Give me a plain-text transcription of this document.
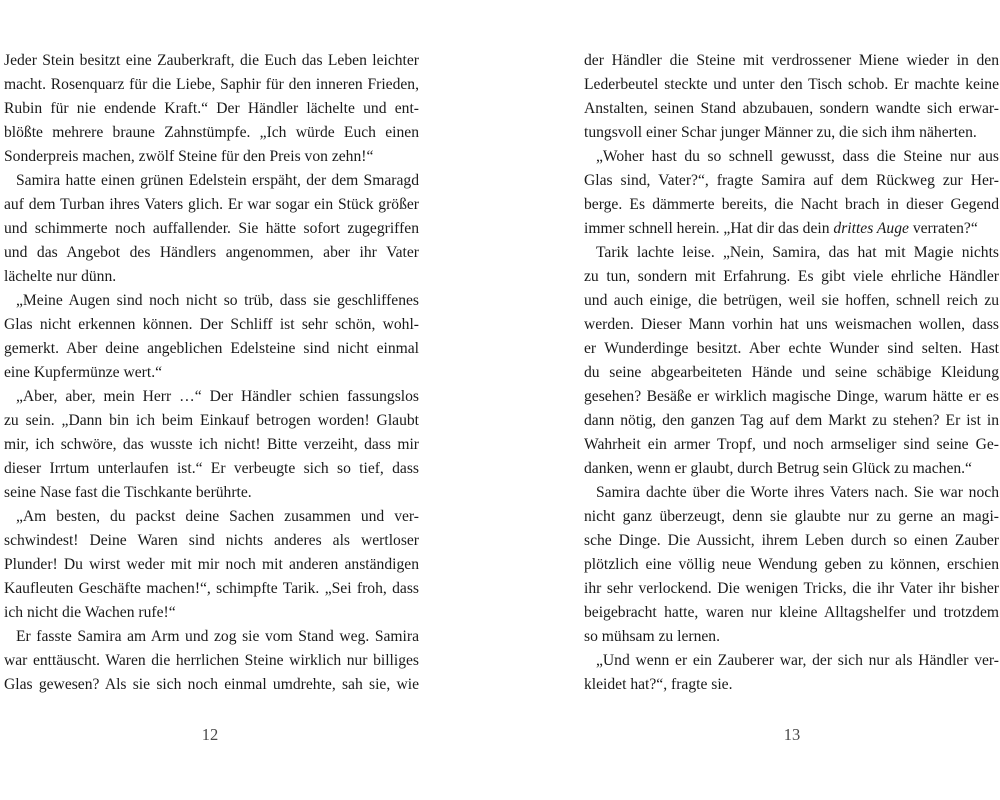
Jeder Stein besitzt eine Zauberkraft, die Euch das Leben leichter
macht. Rosenquarz für die Liebe, Saphir für den inneren Frieden,
Rubin für nie endende Kraft.“ Der Händler lächelte und ent-
blößte mehrere braune Zahnstümpfe. „Ich würde Euch einen
Sonderpreis machen, zwölf Steine für den Preis von zehn!“
Samira hatte einen grünen Edelstein erspäht, der dem Smaragd
auf dem Turban ihres Vaters glich. Er war sogar ein Stück größer
und schimmerte noch auffallender. Sie hätte sofort zugegriffen
und das Angebot des Händlers angenommen, aber ihr Vater
lächelte nur dünn.
„Meine Augen sind noch nicht so trüb, dass sie geschliffenes
Glas nicht erkennen können. Der Schliff ist sehr schön, wohl-
gemerkt. Aber deine angeblichen Edelsteine sind nicht einmal
eine Kupfermünze wert.“
„Aber, aber, mein Herr …“ Der Händler schien fassungslos
zu sein. „Dann bin ich beim Einkauf betrogen worden! Glaubt
mir, ich schwöre, das wusste ich nicht! Bitte verzeiht, dass mir
dieser Irrtum unterlaufen ist.“ Er verbeugte sich so tief, dass
seine Nase fast die Tischkante berührte.
„Am besten, du packst deine Sachen zusammen und ver-
schwindest! Deine Waren sind nichts anderes als wertloser
Plunder! Du wirst weder mit mir noch mit anderen anständigen
Kaufleuten Geschäfte machen!“, schimpfte Tarik. „Sei froh, dass
ich nicht die Wachen rufe!“
Er fasste Samira am Arm und zog sie vom Stand weg. Samira
war enttäuscht. Waren die herrlichen Steine wirklich nur billiges
Glas gewesen? Als sie sich noch einmal umdrehte, sah sie, wie
der Händler die Steine mit verdrossener Miene wieder in den
Lederbeutel steckte und unter den Tisch schob. Er machte keine
Anstalten, seinen Stand abzubauen, sondern wandte sich erwar-
tungsvoll einer Schar junger Männer zu, die sich ihm näherten.
„Woher hast du so schnell gewusst, dass die Steine nur aus
Glas sind, Vater?“, fragte Samira auf dem Rückweg zur Her-
berge. Es dämmerte bereits, die Nacht brach in dieser Gegend
immer schnell herein. „Hat dir das dein drittes Auge verraten?“
Tarik lachte leise. „Nein, Samira, das hat mit Magie nichts
zu tun, sondern mit Erfahrung. Es gibt viele ehrliche Händler
und auch einige, die betrügen, weil sie hoffen, schnell reich zu
werden. Dieser Mann vorhin hat uns weismachen wollen, dass
er Wunderdinge besitzt. Aber echte Wunder sind selten. Hast
du seine abgearbeiteten Hände und seine schäbige Kleidung
gesehen? Besäße er wirklich magische Dinge, warum hätte er es
dann nötig, den ganzen Tag auf dem Markt zu stehen? Er ist in
Wahrheit ein armer Tropf, und noch armseliger sind seine Ge-
danken, wenn er glaubt, durch Betrug sein Glück zu machen.“
Samira dachte über die Worte ihres Vaters nach. Sie war noch
nicht ganz überzeugt, denn sie glaubte nur zu gerne an magi-
sche Dinge. Die Aussicht, ihrem Leben durch so einen Zauber
plötzlich eine völlig neue Wendung geben zu können, erschien
ihr sehr verlockend. Die wenigen Tricks, die ihr Vater ihr bisher
beigebracht hatte, waren nur kleine Alltagshelfer und trotzdem
so mühsam zu lernen.
„Und wenn er ein Zauberer war, der sich nur als Händler ver-
kleidet hat?“, fragte sie.
12	13
